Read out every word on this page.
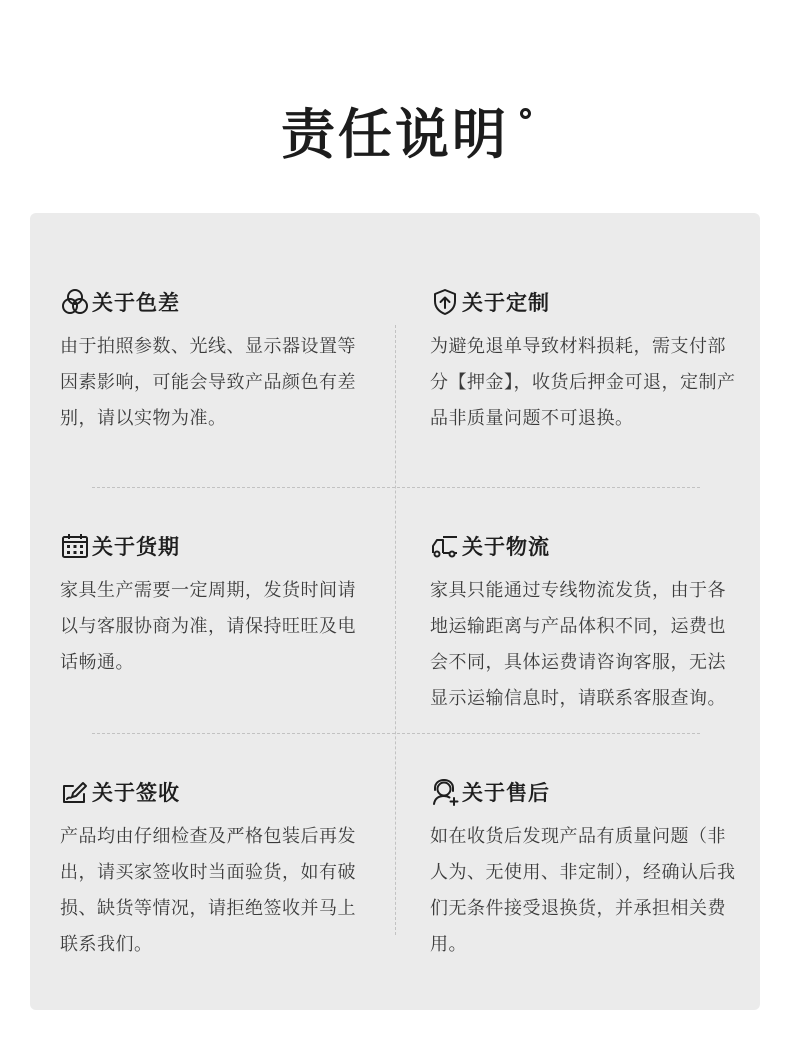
责任说明
关于色差
由于拍照参数、光线、显示器设置等因素影响，可能会导致产品颜色有差别，请以实物为准。
关于定制
为避免退单导致材料损耗，需支付部分【押金】，收货后押金可退，定制产品非质量问题不可退换。
关于货期
家具生产需要一定周期，发货时间请以与客服协商为准，请保持旺旺及电话畅通。
关于物流
家具只能通过专线物流发货，由于各地运输距离与产品体积不同，运费也会不同，具体运费请咨询客服，无法显示运输信息时，请联系客服查询。
关于签收
产品均由仔细检查及严格包装后再发出，请买家签收时当面验货，如有破损、缺货等情况，请拒绝签收并马上联系我们。
关于售后
如在收货后发现产品有质量问题（非人为、无使用、非定制），经确认后我们无条件接受退换货，并承担相关费用。
